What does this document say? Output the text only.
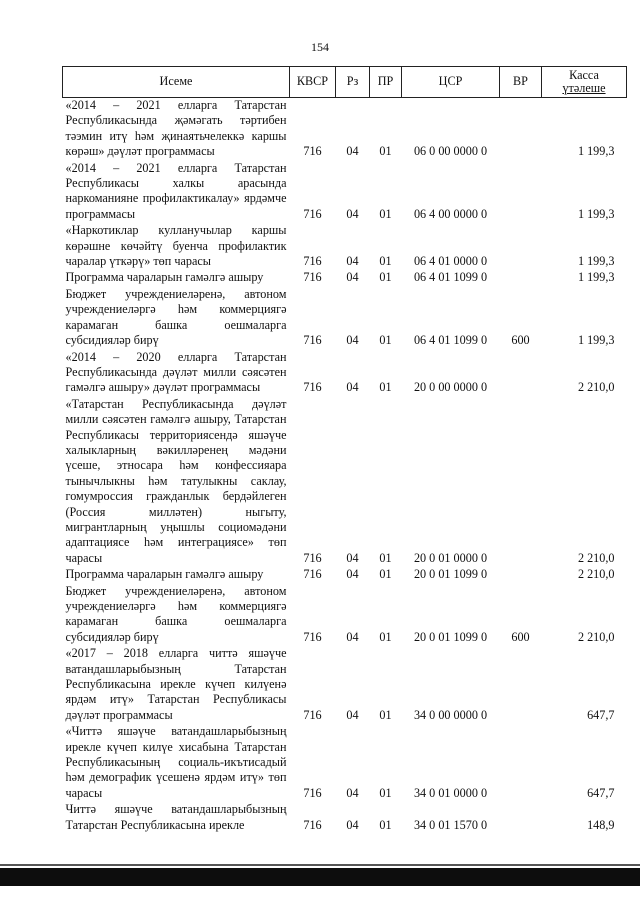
154
Исеме	КВСР	Рз	ПР	ЦСР	ВР	Касса
үтәлеше
«2014 – 2021 елларга Татарстан Республикасында җәмәгать тәртибен тәэмин итү һәм җинаятьчелеккә каршы көрәш» дәүләт программасы	716	04	01	06 0 00 0000 0		1 199,3
«2014 – 2021 елларга Татарстан Республикасы халкы арасында наркоманияне профилактикалау» ярдәмче программасы	716	04	01	06 4 00 0000 0		1 199,3
«Наркотиклар кулланучылар каршы көрәшне көчәйтү буенча профилактик чаралар үткәрү» төп чарасы	716	04	01	06 4 01 0000 0		1 199,3
Программа чараларын гамәлгә ашыру	716	04	01	06 4 01 1099 0		1 199,3
Бюджет учреждениеләренә, автоном учреждениеләргә һәм коммерциягә карамаган башка оешмаларга субсидияләр бирү	716	04	01	06 4 01 1099 0	600	1 199,3
«2014 – 2020 елларга Татарстан Республикасында дәүләт милли сәясәтен гамәлгә ашыру» дәүләт программасы	716	04	01	20 0 00 0000 0		2 210,0
«Татарстан Республикасында дәүләт милли сәясәтен гамәлгә ашыру, Татарстан Республикасы территориясендә яшәүче халыкларның вәкилләренең мәдәни үсеше, этносара һәм конфессияара тынычлыкны һәм татулыкны саклау, гомумроссия гражданлык бердәйлеген (Россия милләтен) ныгыту, мигрантларның уңышлы социомәдәни адаптациясе һәм интеграциясе» төп чарасы	716	04	01	20 0 01 0000 0		2 210,0
Программа чараларын гамәлгә ашыру	716	04	01	20 0 01 1099 0		2 210,0
Бюджет учреждениеләренә, автоном учреждениеләргә һәм коммерциягә карамаган башка оешмаларга субсидияләр бирү	716	04	01	20 0 01 1099 0	600	2 210,0
«2017 – 2018 елларга читтә яшәүче ватандашларыбызның Татарстан Республикасына ирекле күчеп килүенә ярдәм итү» Татарстан Республикасы дәүләт программасы	716	04	01	34 0 00 0000 0		647,7
«Читтә яшәүче ватандашларыбызның ирекле күчеп килүе хисабына Татарстан Республикасының социаль-икътисадый һәм демографик үсешенә ярдәм итү» төп чарасы	716	04	01	34 0 01 0000 0		647,7
Читтә яшәүче ватандашларыбызның Татарстан Республикасына ирекле	716	04	01	34 0 01 1570 0		148,9
